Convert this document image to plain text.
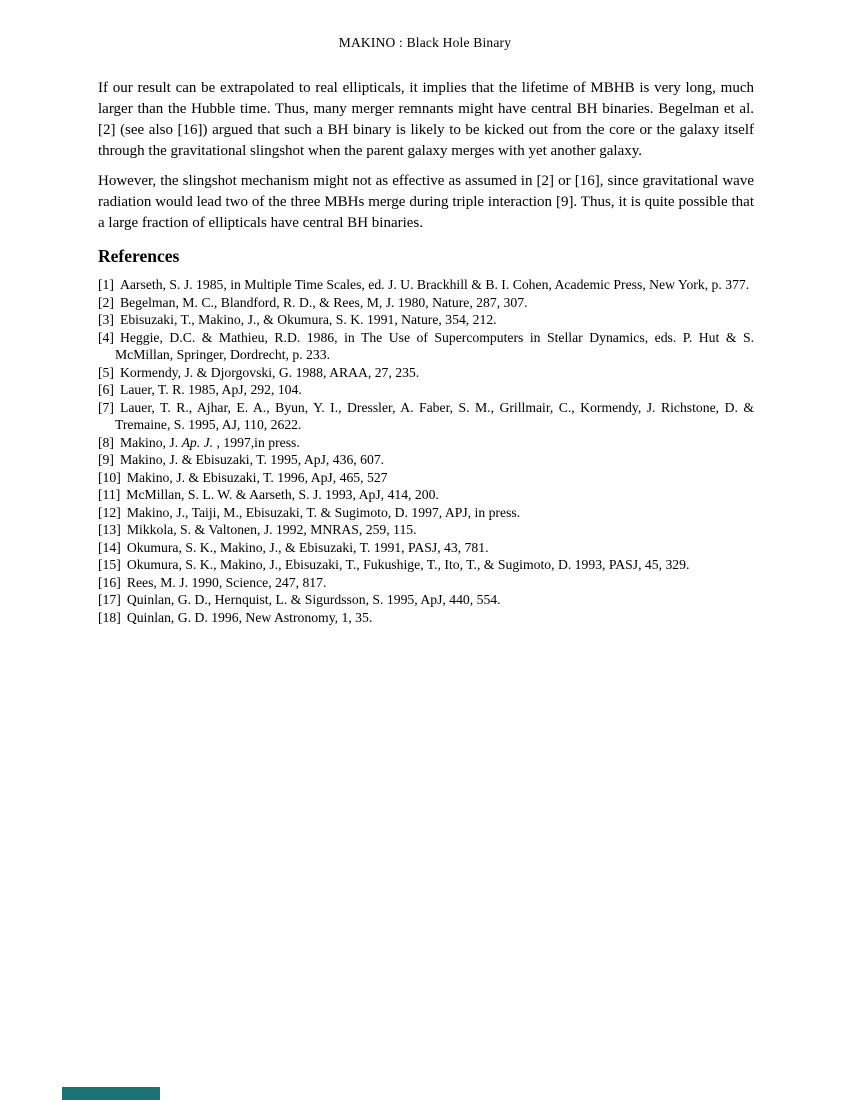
MAKINO : Black Hole Binary

If our result can be extrapolated to real ellipticals, it implies that the lifetime of MBHB is very long, much larger than the Hubble time. Thus, many merger remnants might have central BH binaries. Begelman et al. [2] (see also [16]) argued that such a BH binary is likely to be kicked out from the core or the galaxy itself through the gravitational slingshot when the parent galaxy merges with yet another galaxy.

However, the slingshot mechanism might not as effective as assumed in [2] or [16], since gravitational wave radiation would lead two of the three MBHs merge during triple interaction [9]. Thus, it is quite possible that a large fraction of ellipticals have central BH binaries.

References
[1] Aarseth, S. J. 1985, in Multiple Time Scales, ed. J. U. Brackhill & B. I. Cohen, Academic Press, New York, p. 377.
[2] Begelman, M. C., Blandford, R. D., & Rees, M, J. 1980, Nature, 287, 307.
[3] Ebisuzaki, T., Makino, J., & Okumura, S. K. 1991, Nature, 354, 212.
[4] Heggie, D.C. & Mathieu, R.D. 1986, in The Use of Supercomputers in Stellar Dynamics, eds. P. Hut & S. McMillan, Springer, Dordrecht, p. 233.
[5] Kormendy, J. & Djorgovski, G. 1988, ARAA, 27, 235.
[6] Lauer, T. R. 1985, ApJ, 292, 104.
[7] Lauer, T. R., Ajhar, E. A., Byun, Y. I., Dressler, A. Faber, S. M., Grillmair, C., Kormendy, J. Richstone, D. & Tremaine, S. 1995, AJ, 110, 2622.
[8] Makino, J. Ap. J. , 1997,in press.
[9] Makino, J. & Ebisuzaki, T. 1995, ApJ, 436, 607.
[10] Makino, J. & Ebisuzaki, T. 1996, ApJ, 465, 527
[11] McMillan, S. L. W. & Aarseth, S. J. 1993, ApJ, 414, 200.
[12] Makino, J., Taiji, M., Ebisuzaki, T. & Sugimoto, D. 1997, APJ, in press.
[13] Mikkola, S. & Valtonen, J. 1992, MNRAS, 259, 115.
[14] Okumura, S. K., Makino, J., & Ebisuzaki, T. 1991, PASJ, 43, 781.
[15] Okumura, S. K., Makino, J., Ebisuzaki, T., Fukushige, T., Ito, T., & Sugimoto, D. 1993, PASJ, 45, 329.
[16] Rees, M. J. 1990, Science, 247, 817.
[17] Quinlan, G. D., Hernquist, L. & Sigurdsson, S. 1995, ApJ, 440, 554.
[18] Quinlan, G. D. 1996, New Astronomy, 1, 35.
